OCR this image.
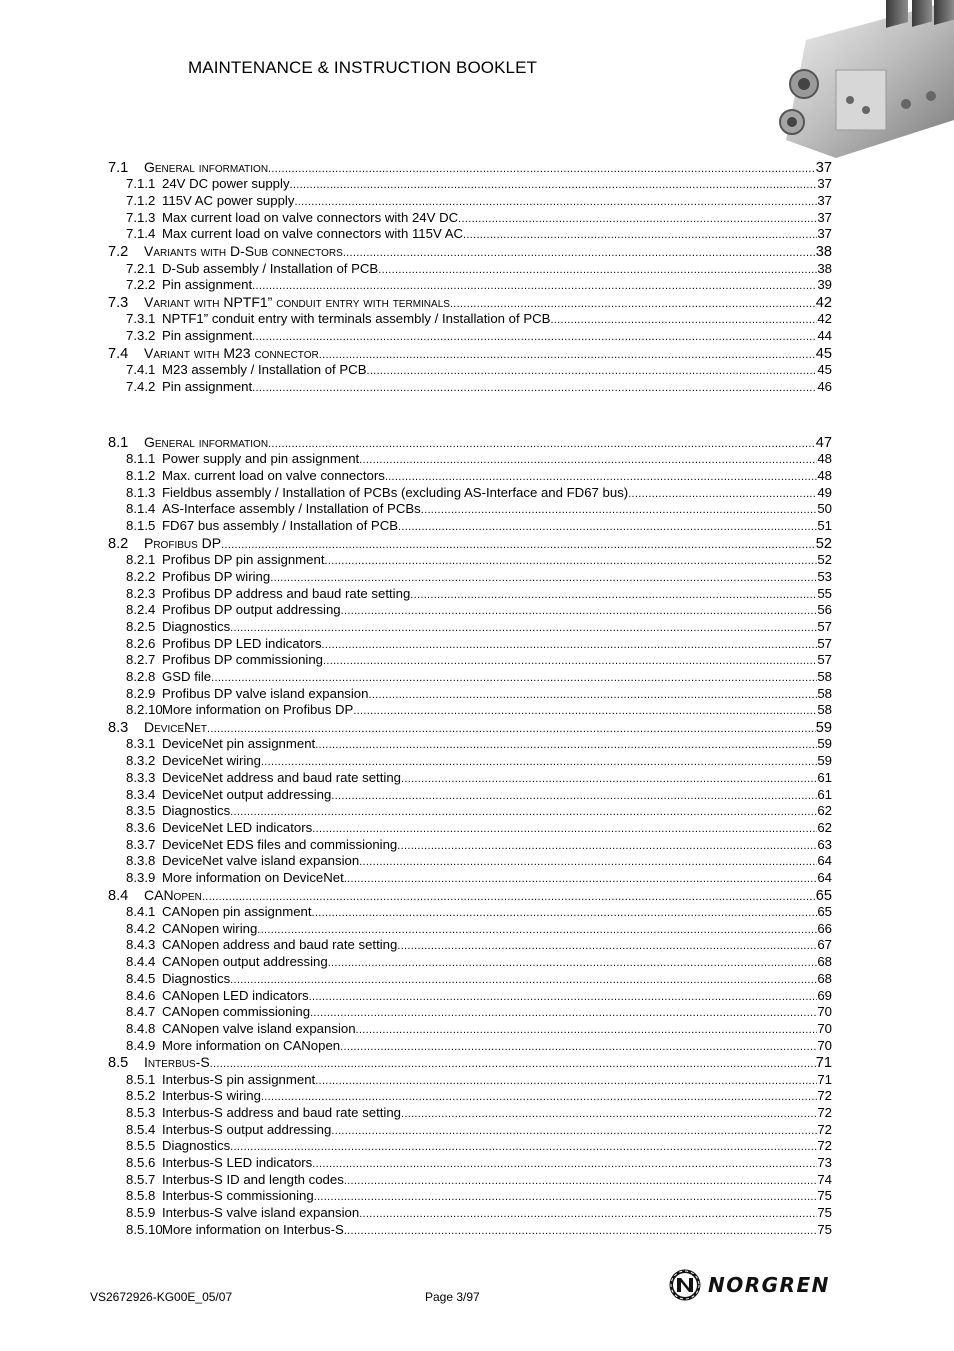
MAINTENANCE & INSTRUCTION BOOKLET
7.1	General information .....	37
7.1.1 24V DC power supply .....	37
7.1.2 115V AC power supply .....	37
7.1.3 Max current load on valve connectors with 24V DC .....	37
7.1.4 Max current load on valve connectors with 115V AC .....	37
7.2	Variants with D-Sub connectors .....	38
7.2.1 D-Sub assembly / Installation of PCB .....	38
7.2.2 Pin assignment .....	39
7.3	Variant with NPTF1” conduit entry with terminals .....	42
7.3.1 NPTF1” conduit entry with terminals assembly / Installation of PCB .....	42
7.3.2 Pin assignment .....	44
7.4	Variant with M23 connector .....	45
7.4.1 M23 assembly / Installation of PCB .....	45
7.4.2 Pin assignment .....	46
8.1	General information .....	47
8.1.1 Power supply and pin assignment .....	48
8.1.2 Max. current load on valve connectors .....	48
8.1.3 Fieldbus assembly / Installation of PCBs (excluding AS-Interface and FD67 bus) .....	49
8.1.4 AS-Interface assembly / Installation of PCBs .....	50
8.1.5 FD67 bus assembly / Installation of PCB .....	51
8.2	Profibus DP .....	52
8.2.1 Profibus DP pin assignment .....	52
8.2.2 Profibus DP wiring .....	53
8.2.3 Profibus DP address and baud rate setting .....	55
8.2.4 Profibus DP output addressing .....	56
8.2.5 Diagnostics .....	57
8.2.6 Profibus DP LED indicators .....	57
8.2.7 Profibus DP commissioning .....	57
8.2.8 GSD file .....	58
8.2.9 Profibus DP valve island expansion .....	58
8.2.10 More information on Profibus DP .....	58
8.3	DeviceNet .....	59
8.3.1 DeviceNet pin assignment .....	59
8.3.2 DeviceNet wiring .....	59
8.3.3 DeviceNet address and baud rate setting .....	61
8.3.4 DeviceNet output addressing .....	61
8.3.5 Diagnostics .....	62
8.3.6 DeviceNet LED indicators .....	62
8.3.7 DeviceNet EDS files and commissioning .....	63
8.3.8 DeviceNet valve island expansion .....	64
8.3.9 More information on DeviceNet .....	64
8.4	CANopen .....	65
8.4.1 CANopen pin assignment .....	65
8.4.2 CANopen wiring .....	66
8.4.3 CANopen address and baud rate setting .....	67
8.4.4 CANopen output addressing .....	68
8.4.5 Diagnostics .....	68
8.4.6 CANopen LED indicators .....	69
8.4.7 CANopen commissioning .....	70
8.4.8 CANopen valve island expansion .....	70
8.4.9 More information on CANopen .....	70
8.5	Interbus-S .....	71
8.5.1 Interbus-S pin assignment .....	71
8.5.2 Interbus-S wiring .....	72
8.5.3 Interbus-S address and baud rate setting .....	72
8.5.4 Interbus-S output addressing .....	72
8.5.5 Diagnostics .....	72
8.5.6 Interbus-S LED indicators .....	73
8.5.7 Interbus-S ID and length codes .....	74
8.5.8 Interbus-S commissioning .....	75
8.5.9 Interbus-S valve island expansion .....	75
8.5.10 More information on Interbus-S .....	75
VS2672926-KG00E_05/07	Page 3/97	NORGREN
